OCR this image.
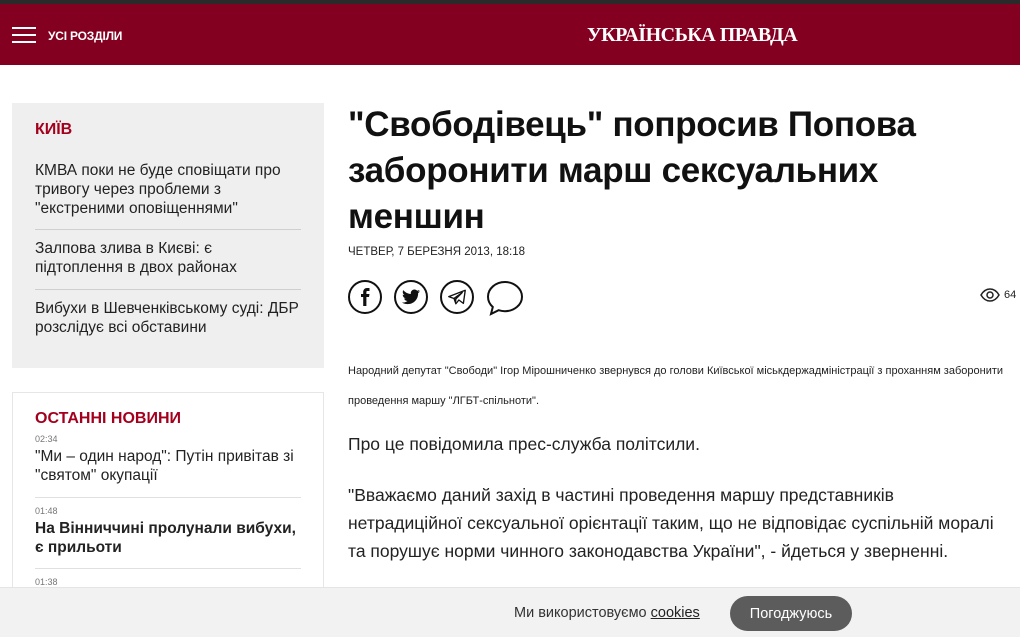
УСІ РОЗДІЛИ	УКРАЇНСЬКА ПРАВДА
КИЇВ
КМВА поки не буде сповіщати про тривогу через проблеми з "екстреними оповіщеннями"
Залпова злива в Києві: є підтоплення в двох районах
Вибухи в Шевченківському суді: ДБР розслідує всі обставини
ОСТАННІ НОВИНИ
02:34
"Ми – один народ": Путін привітав зі "святом" окупації
01:48
На Вінниччині пролунали вибухи, є прильоти
01:38
"Свободівець" попросив Попова заборонити марш сексуальних меншин
ЧЕТВЕР, 7 БЕРЕЗНЯ 2013, 18:18
64
Народний депутат "Свободи" Ігор Мірошниченко звернувся до голови Київської міськдержадміністрації з проханням заборонити проведення маршу "ЛГБТ-спільноти".

Про це повідомила прес-служба політсили.

"Вважаємо даний захід в частині проведення маршу представників нетрадиційної сексуальної орієнтації таким, що не відповідає суспільній моралі та порушує норми чинного законодавства України", - йдеться у зверненні.

Ми використовуємо cookies	Погоджуюсь
